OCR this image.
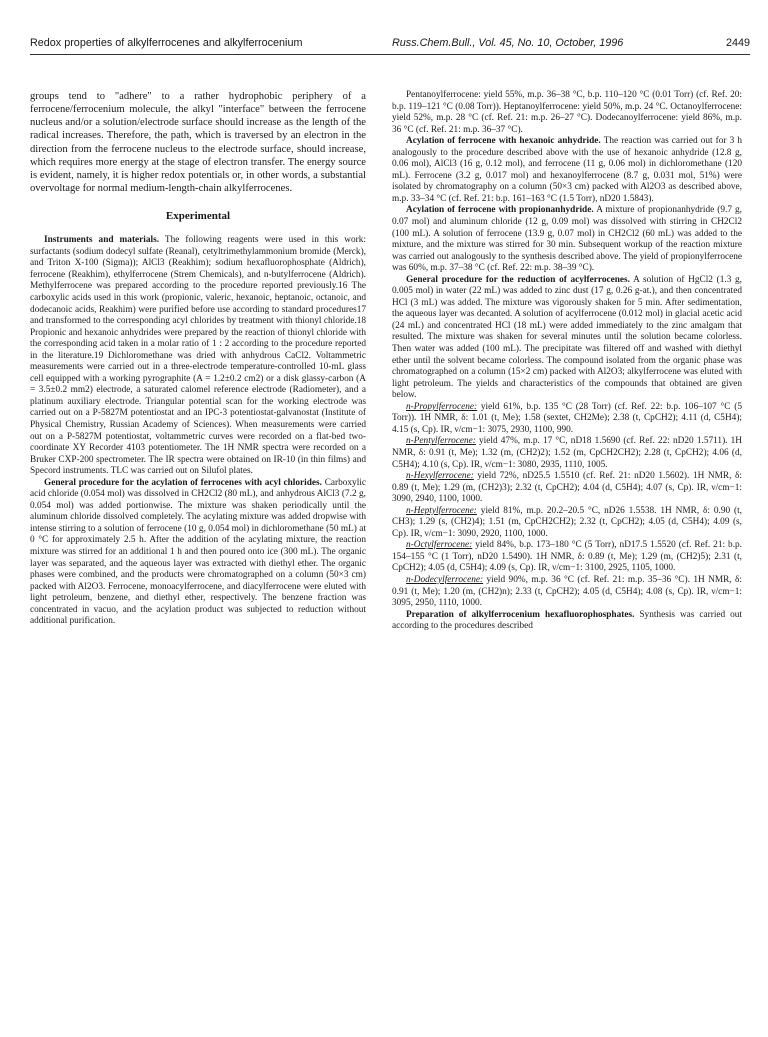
Redox properties of alkylferrocenes and alkylferrocenium	Russ.Chem.Bull., Vol. 45, No. 10, October, 1996	2449

groups tend to "adhere" to a rather hydrophobic periphery of a ferrocene/ferrocenium molecule, the alkyl "interface" between the ferrocene nucleus and/or a solution/electrode surface should increase as the length of the radical increases. Therefore, the path, which is traversed by an electron in the direction from the ferrocene nucleus to the electrode surface, should increase, which requires more energy at the stage of electron transfer. The energy source is evident, namely, it is higher redox potentials or, in other words, a substantial overvoltage for normal medium-length-chain alkylferrocenes.

Experimental

Instruments and materials. The following reagents were used in this work: surfactants (sodium dodecyl sulfate (Reanal), cetyltrimethylammonium bromide (Merck), and Triton X-100 (Sigma)); AlCl3 (Reakhim); sodium hexafluorophosphate (Aldrich), ferrocene (Reakhim), ethylferrocene (Strem Chemicals), and n-butylferrocene (Aldrich). Methylferrocene was prepared according to the procedure reported previously.16 The carboxylic acids used in this work (propionic, valeric, hexanoic, heptanoic, octanoic, and dodecanoic acids, Reakhim) were purified before use according to standard procedures17 and transformed to the corresponding acyl chlorides by treatment with thionyl chloride.18 Propionic and hexanoic anhydrides were prepared by the reaction of thionyl chloride with the corresponding acid taken in a molar ratio of 1 : 2 according to the procedure reported in the literature.19 Dichloromethane was dried with anhydrous CaCl2. Voltammetric measurements were carried out in a three-electrode temperature-controlled 10-mL glass cell equipped with a working pyrographite (A = 1.2±0.2 cm2) or a disk glassy-carbon (A = 3.5±0.2 mm2) electrode, a saturated calomel reference electrode (Radiometer), and a platinum auxiliary electrode. Triangular potential scan for the working electrode was carried out on a P-5827M potentiostat and an IPC-3 potentiostat-galvanostat (Institute of Physical Chemistry, Russian Academy of Sciences). When measurements were carried out on a P-5827M potentiostat, voltammetric curves were recorded on a flat-bed two-coordinate XY Recorder 4103 potentiometer. The 1H NMR spectra were recorded on a Bruker CXP-200 spectrometer. The IR spectra were obtained on IR-10 (in thin films) and Specord instruments. TLC was carried out on Silufol plates.

General procedure for the acylation of ferrocenes with acyl chlorides. Carboxylic acid chloride (0.054 mol) was dissolved in CH2Cl2 (80 mL), and anhydrous AlCl3 (7.2 g, 0.054 mol) was added portionwise. The mixture was shaken periodically until the aluminum chloride dissolved completely. The acylating mixture was added dropwise with intense stirring to a solution of ferrocene (10 g, 0.054 mol) in dichloromethane (50 mL) at 0 °C for approximately 2.5 h. After the addition of the acylating mixture, the reaction mixture was stirred for an additional 1 h and then poured onto ice (300 mL). The organic layer was separated, and the aqueous layer was extracted with diethyl ether. The organic phases were combined, and the products were chromatographed on a column (50×3 cm) packed with Al2O3. Ferrocene, monoacylferrocene, and diacylferrocene were eluted with light petroleum, benzene, and diethyl ether, respectively. The benzene fraction was concentrated in vacuo, and the acylation product was subjected to reduction without additional purification.

Pentanoylferrocene: yield 55%, m.p. 36–38 °C, b.p. 110–120 °C (0.01 Torr) (cf. Ref. 20: b.p. 119–121 °C (0.08 Torr)). Heptanoylferrocene: yield 50%, m.p. 24 °C. Octanoylferrocene: yield 52%, m.p. 28 °C (cf. Ref. 21: m.p. 26–27 °C). Dodecanoylferrocene: yield 86%, m.p. 36 °C (cf. Ref. 21: m.p. 36–37 °C).

Acylation of ferrocene with hexanoic anhydride. The reaction was carried out for 3 h analogously to the procedure described above with the use of hexanoic anhydride (12.8 g, 0.06 mol), AlCl3 (16 g, 0.12 mol), and ferrocene (11 g, 0.06 mol) in dichloromethane (120 mL). Ferrocene (3.2 g, 0.017 mol) and hexanoylferrocene (8.7 g, 0.031 mol, 51%) were isolated by chromatography on a column (50×3 cm) packed with Al2O3 as described above, m.p. 33–34 °C (cf. Ref. 21: b.p. 161–163 °C (1.5 Torr), nD20 1.5843).

Acylation of ferrocene with propionanhydride. A mixture of propionanhydride (9.7 g, 0.07 mol) and aluminum chloride (12 g, 0.09 mol) was dissolved with stirring in CH2Cl2 (100 mL). A solution of ferrocene (13.9 g, 0.07 mol) in CH2Cl2 (60 mL) was added to the mixture, and the mixture was stirred for 30 min. Subsequent workup of the reaction mixture was carried out analogously to the synthesis described above. The yield of propionylferrocene was 60%, m.p. 37–38 °C (cf. Ref. 22: m.p. 38–39 °C).

General procedure for the reduction of acylferrocenes. A solution of HgCl2 (1.3 g, 0.005 mol) in water (22 mL) was added to zinc dust (17 g, 0.26 g-at.), and then concentrated HCl (3 mL) was added. The mixture was vigorously shaken for 5 min. After sedimentation, the aqueous layer was decanted. A solution of acylferrocene (0.012 mol) in glacial acetic acid (24 mL) and concentrated HCl (18 mL) were added immediately to the zinc amalgam that resulted. The mixture was shaken for several minutes until the solution became colorless. Then water was added (100 mL). The precipitate was filtered off and washed with diethyl ether until the solvent became colorless. The compound isolated from the organic phase was chromatographed on a column (15×2 cm) packed with Al2O3; alkylferrocene was eluted with light petroleum. The yields and characteristics of the compounds that obtained are given below.

n-Propylferrocene: yield 61%, b.p. 135 °C (28 Torr) (cf. Ref. 22: b.p. 106–107 °C (5 Torr)). 1H NMR, δ: 1.01 (t, Me); 1.58 (sextet, CH2Me); 2.38 (t, CpCH2); 4.11 (d, C5H4); 4.15 (s, Cp). IR, ν/cm−1: 3075, 2930, 1100, 990.

n-Pentylferrocene: yield 47%, m.p. 17 °C, nD18 1.5690 (cf. Ref. 22: nD20 1.5711). 1H NMR, δ: 0.91 (t, Me); 1.32 (m, (CH2)2); 1.52 (m, CpCH2CH2); 2.28 (t, CpCH2); 4.06 (d, C5H4); 4.10 (s, Cp). IR, ν/cm−1: 3080, 2935, 1110, 1005.

n-Hexylferrocene: yield 72%, nD25.5 1.5510 (cf. Ref. 21: nD20 1.5602). 1H NMR, δ: 0.89 (t, Me); 1.29 (m, (CH2)3); 2.32 (t, CpCH2); 4.04 (d, C5H4); 4.07 (s, Cp). IR, ν/cm−1: 3090, 2940, 1100, 1000.

n-Heptylferrocene: yield 81%, m.p. 20.2–20.5 °C, nD26 1.5538. 1H NMR, δ: 0.90 (t, CH3); 1.29 (s, (CH2)4); 1.51 (m, CpCH2CH2); 2.32 (t, CpCH2); 4.05 (d, C5H4); 4.09 (s, Cp). IR, ν/cm−1: 3090, 2920, 1100, 1000.

n-Octylferrocene: yield 84%, b.p. 173–180 °C (5 Torr), nD17.5 1.5520 (cf. Ref. 21: b.p. 154–155 °C (1 Torr), nD20 1.5490). 1H NMR, δ: 0.89 (t, Me); 1.29 (m, (CH2)5); 2.31 (t, CpCH2); 4.05 (d, C5H4); 4.09 (s, Cp). IR, ν/cm−1: 3100, 2925, 1105, 1000.

n-Dodecylferrocene: yield 90%, m.p. 36 °C (cf. Ref. 21: m.p. 35–36 °C). 1H NMR, δ: 0.91 (t, Me); 1.20 (m, (CH2)n); 2.33 (t, CpCH2); 4.05 (d, C5H4); 4.08 (s, Cp). IR, ν/cm−1: 3095, 2950, 1110, 1000.

Preparation of alkylferrocenium hexafluorophosphates. Synthesis was carried out according to the procedures described
